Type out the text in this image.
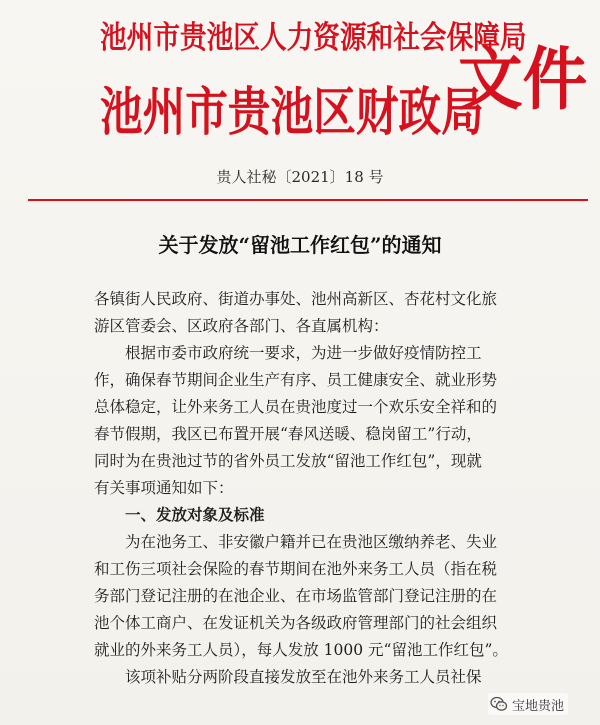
池州市贵池区人力资源和社会保障局
池州市贵池区财政局
文件
贵人社秘〔2021〕18 号
关于发放“留池工作红包”的通知
各镇街人民政府、街道办事处、池州高新区、杏花村文化旅
游区管委会、区政府各部门、各直属机构：
根据市委市政府统一要求，为进一步做好疫情防控工
作，确保春节期间企业生产有序、员工健康安全、就业形势
总体稳定，让外来务工人员在贵池度过一个欢乐安全祥和的
春节假期，我区已布置开展“春风送暖、稳岗留工”行动，
同时为在贵池过节的省外员工发放“留池工作红包”，现就
有关事项通知如下：
一、发放对象及标准
为在池务工、非安徽户籍并已在贵池区缴纳养老、失业
和工伤三项社会保险的春节期间在池外来务工人员（指在税
务部门登记注册的在池企业、在市场监管部门登记注册的在
池个体工商户、在发证机关为各级政府管理部门的社会组织
就业的外来务工人员），每人发放 1000 元“留池工作红包”。
该项补贴分两阶段直接发放至在池外来务工人员社保
宝地贵池
